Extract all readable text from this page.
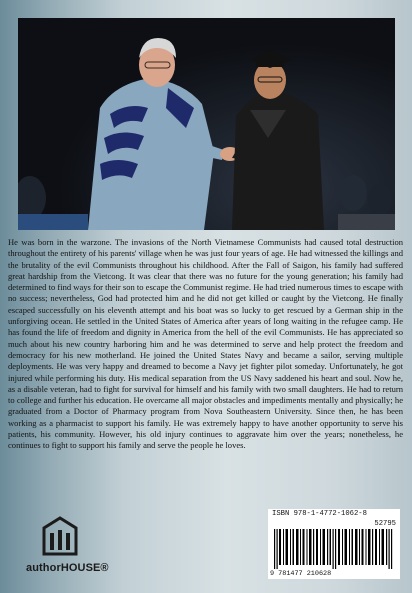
He was born in the warzone. The invasions of the North Vietnamese Communists had caused total destruction throughout the entirety of his parents' village when he was just four years of age. He had witnessed the killings and the brutality of the evil Communists throughout his childhood. After the Fall of Saigon, his family had suffered great hardship from the Vietcong. It was clear that there was no future for the young generation; his family had determined to find ways for their son to escape the Communist regime. He had tried numerous times to escape with no success; nevertheless, God had protected him and he did not get killed or caught by the Vietcong. He finally escaped successfully on his eleventh attempt and his boat was so lucky to get rescued by a German ship in the unforgiving ocean. He settled in the United States of America after years of long waiting in the refugee camp. He has found the life of freedom and dignity in America from the hell of the evil Communists. He has appreciated so much about his new country harboring him and he was determined to serve and help protect the freedom and democracy for his new motherland. He joined the United States Navy and became a sailor, serving multiple deployments. He was very happy and dreamed to become a Navy jet fighter pilot someday. Unfortunately, he got injured while performing his duty. His medical separation from the US Navy saddened his heart and soul. Now he, as a disable veteran, had to fight for survival for himself and his family with two small daughters. He had to return to college and further his education. He overcame all major obstacles and impediments mentally and physically; he graduated from a Doctor of Pharmacy program from Nova Southeastern University. Since then, he has been working as a pharmacist to support his family. He was extremely happy to have another opportunity to serve his patients, his community. However, his old injury continues to aggravate him over the years; nonetheless, he continues to fight to support his family and serve the people he loves.

authorHOUSE®
ISBN 978-1-4772-1062-8
52795
9 781477 210628
